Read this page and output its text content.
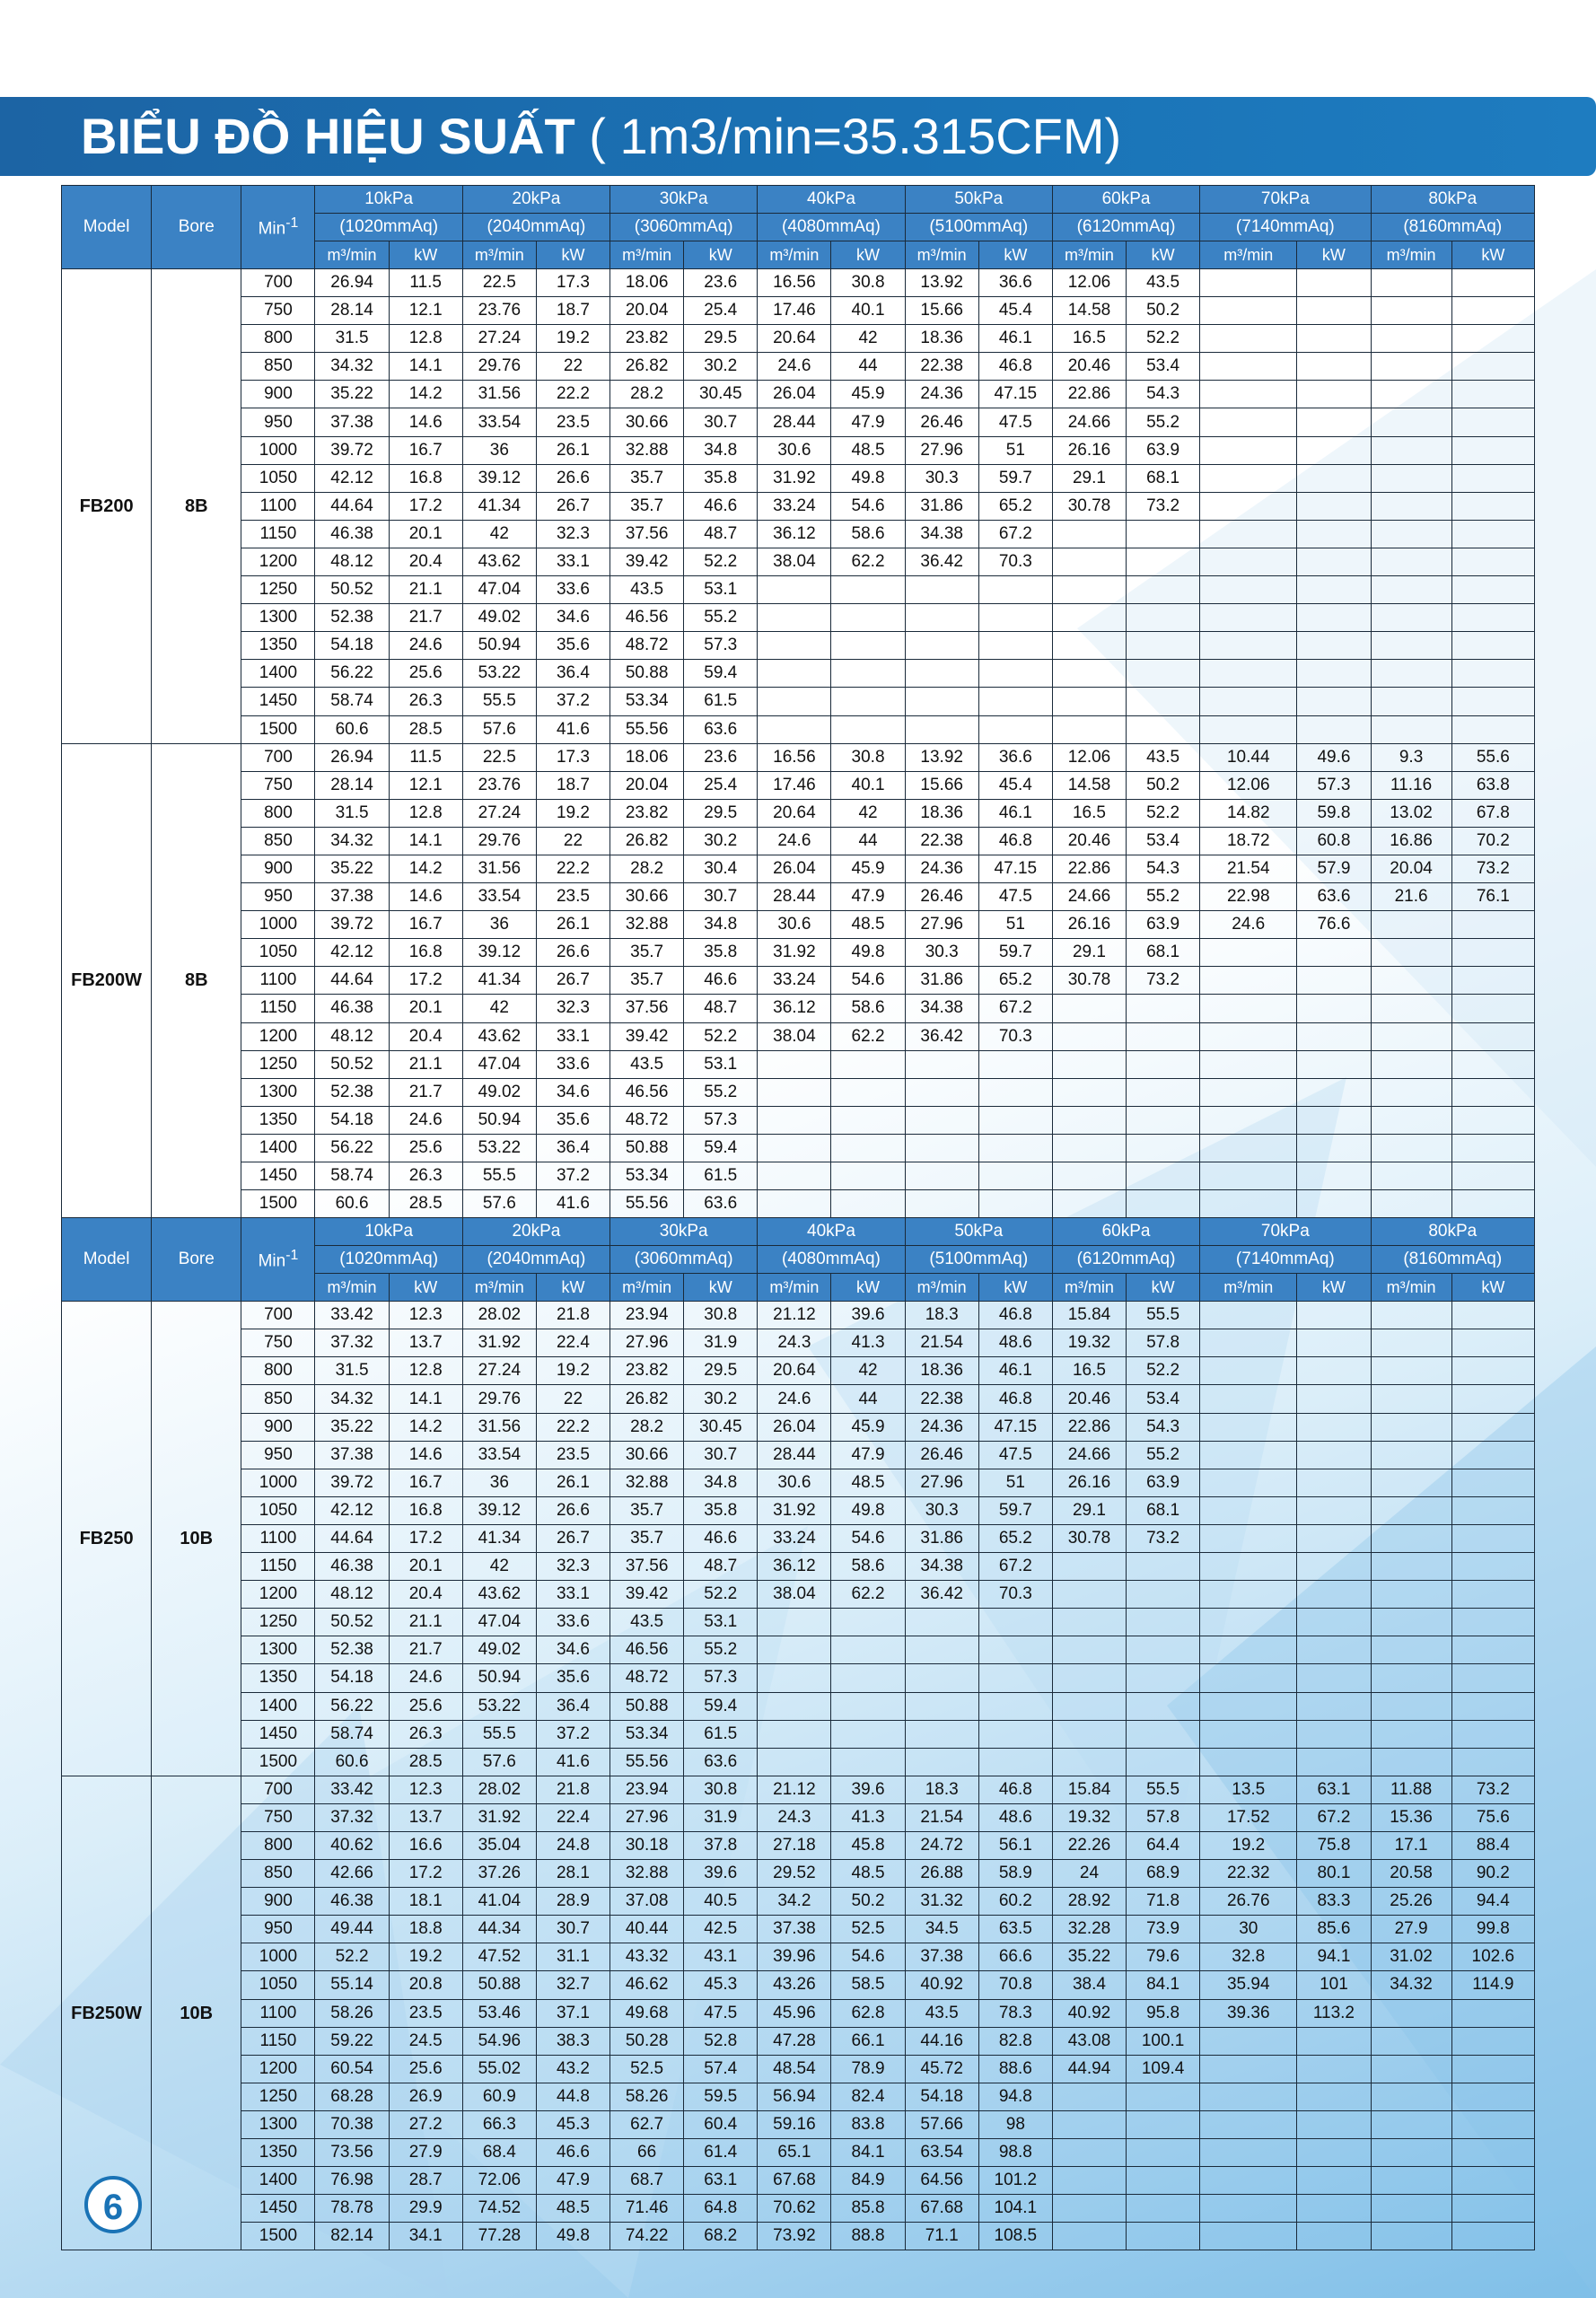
BIỂU ĐỒ HIỆU SUẤT ( 1m3/min=35.315CFM)
Model	Bore	Min$^{-1}$	10kPa		20kPa		30kPa		40kPa		50kPa		60kPa		70kPa		80kPa	
			(1020mmAq)		(2040mmAq)		(3060mmAq)		(4080mmAq)		(5100mmAq)		(6120mmAq)		(7140mmAq)		(8160mmAq)	
			m³/min	kW	m³/min	kW	m³/min	kW	m³/min	kW	m³/min	kW	m³/min	kW	m³/min	kW	m³/min	kW
FB200	8B	700	26.94	11.5	22.5	17.3	18.06	23.6	16.56	30.8	13.92	36.6	12.06	43.5				
		750	28.14	12.1	23.76	18.7	20.04	25.4	17.46	40.1	15.66	45.4	14.58	50.2				
		800	31.5	12.8	27.24	19.2	23.82	29.5	20.64	42	18.36	46.1	16.5	52.2				
		850	34.32	14.1	29.76	22	26.82	30.2	24.6	44	22.38	46.8	20.46	53.4				
		900	35.22	14.2	31.56	22.2	28.2	30.45	26.04	45.9	24.36	47.15	22.86	54.3				
		950	37.38	14.6	33.54	23.5	30.66	30.7	28.44	47.9	26.46	47.5	24.66	55.2				
		1000	39.72	16.7	36	26.1	32.88	34.8	30.6	48.5	27.96	51	26.16	63.9				
		1050	42.12	16.8	39.12	26.6	35.7	35.8	31.92	49.8	30.3	59.7	29.1	68.1				
		1100	44.64	17.2	41.34	26.7	35.7	46.6	33.24	54.6	31.86	65.2	30.78	73.2				
		1150	46.38	20.1	42	32.3	37.56	48.7	36.12	58.6	34.38	67.2						
		1200	48.12	20.4	43.62	33.1	39.42	52.2	38.04	62.2	36.42	70.3						
		1250	50.52	21.1	47.04	33.6	43.5	53.1										
		1300	52.38	21.7	49.02	34.6	46.56	55.2										
		1350	54.18	24.6	50.94	35.6	48.72	57.3										
		1400	56.22	25.6	53.22	36.4	50.88	59.4										
		1450	58.74	26.3	55.5	37.2	53.34	61.5										
		1500	60.6	28.5	57.6	41.6	55.56	63.6										
FB200W	8B	700	26.94	11.5	22.5	17.3	18.06	23.6	16.56	30.8	13.92	36.6	12.06	43.5	10.44	49.6	9.3	55.6
		750	28.14	12.1	23.76	18.7	20.04	25.4	17.46	40.1	15.66	45.4	14.58	50.2	12.06	57.3	11.16	63.8
		800	31.5	12.8	27.24	19.2	23.82	29.5	20.64	42	18.36	46.1	16.5	52.2	14.82	59.8	13.02	67.8
		850	34.32	14.1	29.76	22	26.82	30.2	24.6	44	22.38	46.8	20.46	53.4	18.72	60.8	16.86	70.2
		900	35.22	14.2	31.56	22.2	28.2	30.4	26.04	45.9	24.36	47.15	22.86	54.3	21.54	57.9	20.04	73.2
		950	37.38	14.6	33.54	23.5	30.66	30.7	28.44	47.9	26.46	47.5	24.66	55.2	22.98	63.6	21.6	76.1
		1000	39.72	16.7	36	26.1	32.88	34.8	30.6	48.5	27.96	51	26.16	63.9	24.6	76.6		
		1050	42.12	16.8	39.12	26.6	35.7	35.8	31.92	49.8	30.3	59.7	29.1	68.1				
		1100	44.64	17.2	41.34	26.7	35.7	46.6	33.24	54.6	31.86	65.2	30.78	73.2				
		1150	46.38	20.1	42	32.3	37.56	48.7	36.12	58.6	34.38	67.2						
		1200	48.12	20.4	43.62	33.1	39.42	52.2	38.04	62.2	36.42	70.3						
		1250	50.52	21.1	47.04	33.6	43.5	53.1										
		1300	52.38	21.7	49.02	34.6	46.56	55.2										
		1350	54.18	24.6	50.94	35.6	48.72	57.3										
		1400	56.22	25.6	53.22	36.4	50.88	59.4										
		1450	58.74	26.3	55.5	37.2	53.34	61.5										
		1500	60.6	28.5	57.6	41.6	55.56	63.6										
Model	Bore	Min$^{-1}$	10kPa		20kPa		30kPa		40kPa		50kPa		60kPa		70kPa		80kPa	
			(1020mmAq)		(2040mmAq)		(3060mmAq)		(4080mmAq)		(5100mmAq)		(6120mmAq)		(7140mmAq)		(8160mmAq)	
			m³/min	kW	m³/min	kW	m³/min	kW	m³/min	kW	m³/min	kW	m³/min	kW	m³/min	kW	m³/min	kW
FB250	10B	700	33.42	12.3	28.02	21.8	23.94	30.8	21.12	39.6	18.3	46.8	15.84	55.5				
		750	37.32	13.7	31.92	22.4	27.96	31.9	24.3	41.3	21.54	48.6	19.32	57.8				
		800	31.5	12.8	27.24	19.2	23.82	29.5	20.64	42	18.36	46.1	16.5	52.2				
		850	34.32	14.1	29.76	22	26.82	30.2	24.6	44	22.38	46.8	20.46	53.4				
		900	35.22	14.2	31.56	22.2	28.2	30.45	26.04	45.9	24.36	47.15	22.86	54.3				
		950	37.38	14.6	33.54	23.5	30.66	30.7	28.44	47.9	26.46	47.5	24.66	55.2				
		1000	39.72	16.7	36	26.1	32.88	34.8	30.6	48.5	27.96	51	26.16	63.9				
		1050	42.12	16.8	39.12	26.6	35.7	35.8	31.92	49.8	30.3	59.7	29.1	68.1				
		1100	44.64	17.2	41.34	26.7	35.7	46.6	33.24	54.6	31.86	65.2	30.78	73.2				
		1150	46.38	20.1	42	32.3	37.56	48.7	36.12	58.6	34.38	67.2						
		1200	48.12	20.4	43.62	33.1	39.42	52.2	38.04	62.2	36.42	70.3						
		1250	50.52	21.1	47.04	33.6	43.5	53.1										
		1300	52.38	21.7	49.02	34.6	46.56	55.2										
		1350	54.18	24.6	50.94	35.6	48.72	57.3										
		1400	56.22	25.6	53.22	36.4	50.88	59.4										
		1450	58.74	26.3	55.5	37.2	53.34	61.5										
		1500	60.6	28.5	57.6	41.6	55.56	63.6										
FB250W	10B	700	33.42	12.3	28.02	21.8	23.94	30.8	21.12	39.6	18.3	46.8	15.84	55.5	13.5	63.1	11.88	73.2
		750	37.32	13.7	31.92	22.4	27.96	31.9	24.3	41.3	21.54	48.6	19.32	57.8	17.52	67.2	15.36	75.6
		800	40.62	16.6	35.04	24.8	30.18	37.8	27.18	45.8	24.72	56.1	22.26	64.4	19.2	75.8	17.1	88.4
		850	42.66	17.2	37.26	28.1	32.88	39.6	29.52	48.5	26.88	58.9	24	68.9	22.32	80.1	20.58	90.2
		900	46.38	18.1	41.04	28.9	37.08	40.5	34.2	50.2	31.32	60.2	28.92	71.8	26.76	83.3	25.26	94.4
		950	49.44	18.8	44.34	30.7	40.44	42.5	37.38	52.5	34.5	63.5	32.28	73.9	30	85.6	27.9	99.8
		1000	52.2	19.2	47.52	31.1	43.32	43.1	39.96	54.6	37.38	66.6	35.22	79.6	32.8	94.1	31.02	102.6
		1050	55.14	20.8	50.88	32.7	46.62	45.3	43.26	58.5	40.92	70.8	38.4	84.1	35.94	101	34.32	114.9
		1100	58.26	23.5	53.46	37.1	49.68	47.5	45.96	62.8	43.5	78.3	40.92	95.8	39.36	113.2		
		1150	59.22	24.5	54.96	38.3	50.28	52.8	47.28	66.1	44.16	82.8	43.08	100.1				
		1200	60.54	25.6	55.02	43.2	52.5	57.4	48.54	78.9	45.72	88.6	44.94	109.4				
		1250	68.28	26.9	60.9	44.8	58.26	59.5	56.94	82.4	54.18	94.8						
		1300	70.38	27.2	66.3	45.3	62.7	60.4	59.16	83.8	57.66	98						
		1350	73.56	27.9	68.4	46.6	66	61.4	65.1	84.1	63.54	98.8						
		1400	76.98	28.7	72.06	47.9	68.7	63.1	67.68	84.9	64.56	101.2						
		1450	78.78	29.9	74.52	48.5	71.46	64.8	70.62	85.8	67.68	104.1						
		1500	82.14	34.1	77.28	49.8	74.22	68.2	73.92	88.8	71.1	108.5						
6
